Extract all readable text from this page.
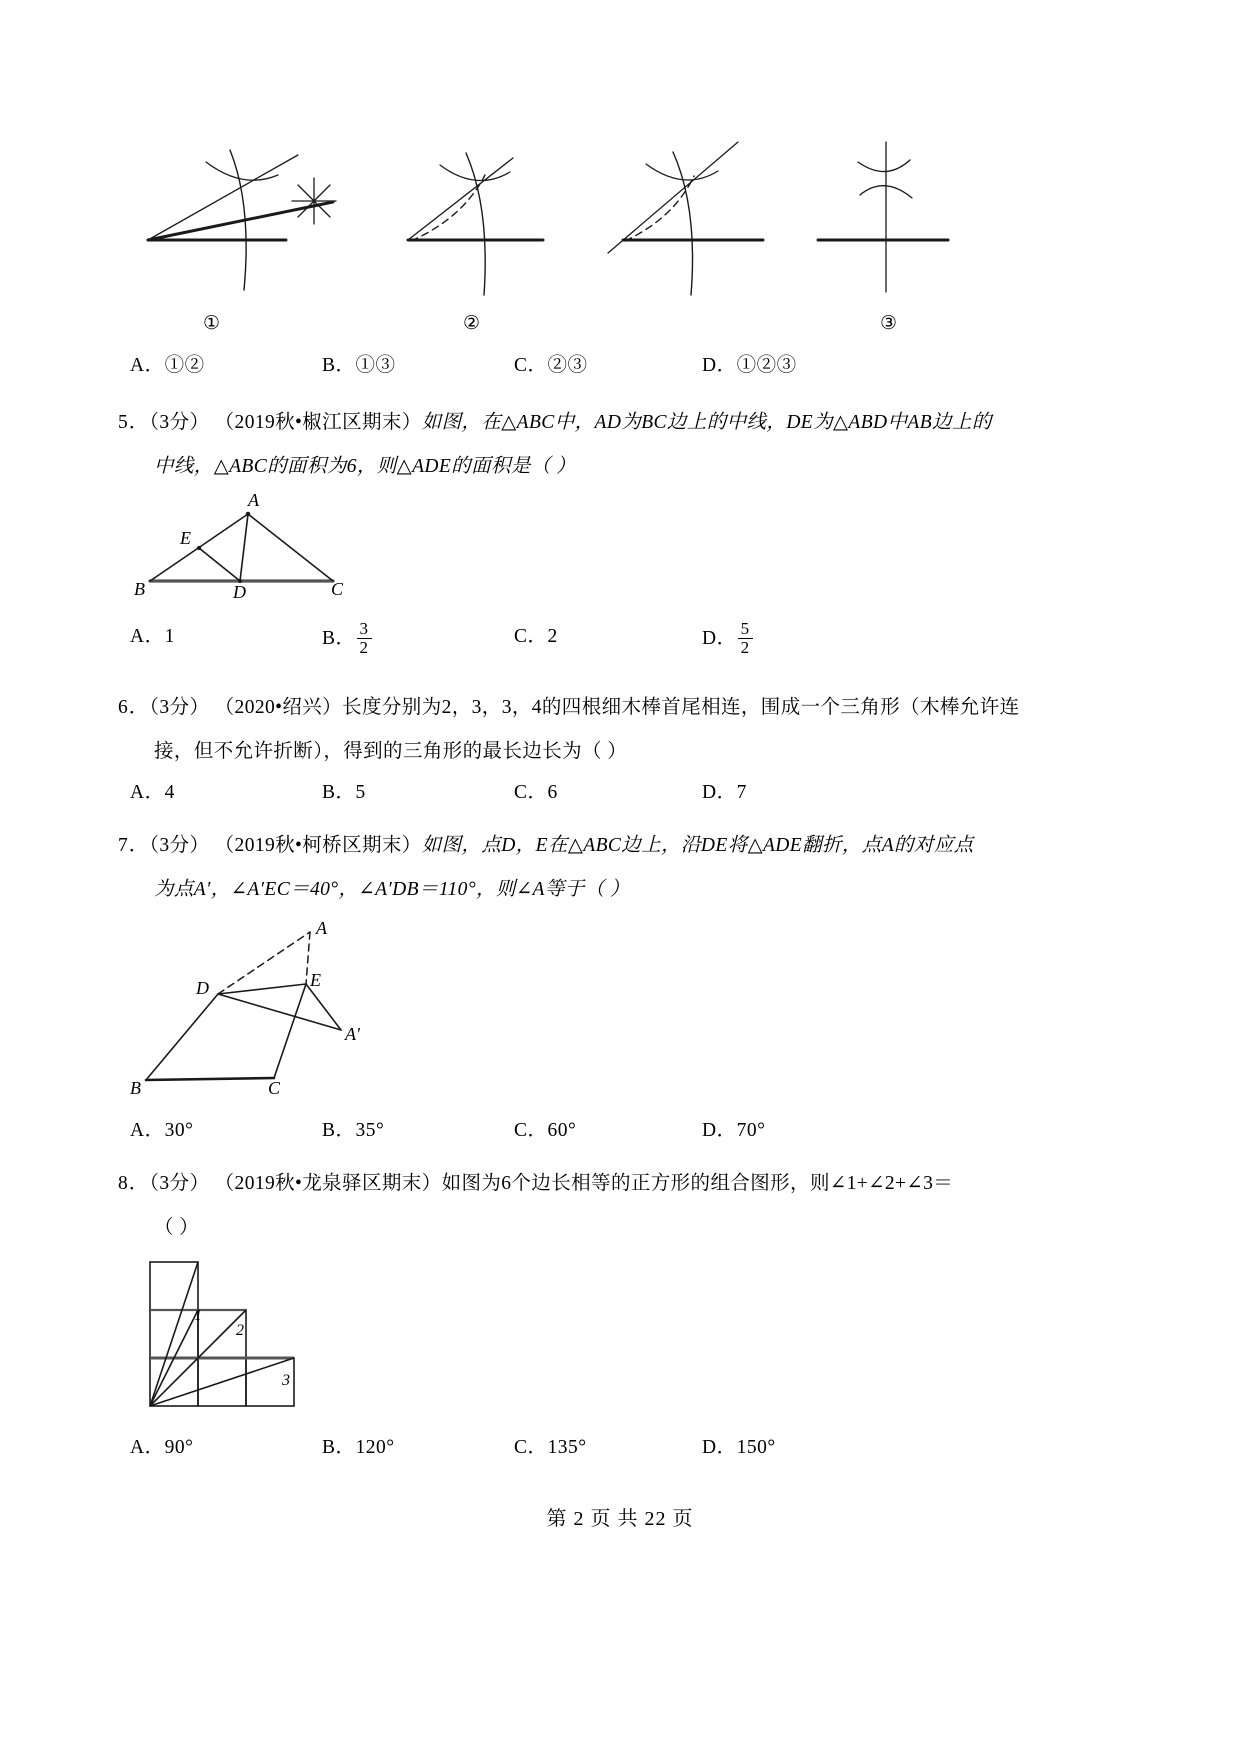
①	②	③
A．①②	B．①③	C．②③	D．①②③
5．（3分） （2019秋•椒江区期末）如图，在△ABC中，AD为BC边上的中线，DE为△ABD中AB边上的
中线，△ABC的面积为6，则△ADE的面积是（ ）
A
E
B	D	C
A．1	B． $\frac{3}{2}$	C．2	D． $\frac{5}{2}$
6．（3分） （2020•绍兴）长度分别为2，3，3，4的四根细木棒首尾相连，围成一个三角形（木棒允许连
接，但不允许折断），得到的三角形的最长边长为（ ）
A．4	B．5	C．6	D．7
7．（3分） （2019秋•柯桥区期末）如图，点D，E在△ABC边上，沿DE将△ADE翻折，点A的对应点
为点A′，∠A′EC＝40°，∠A′DB＝110°，则∠A等于（ ）
A
E
D
A'
B	C
A．30°	B．35°	C．60°	D．70°
8．（3分） （2019秋•龙泉驿区期末）如图为6个边长相等的正方形的组合图形，则∠1+∠2+∠3＝
（ ）
1
2
3
A．90°	B．120°	C．135°	D．150°
第 2 页 共 22 页
